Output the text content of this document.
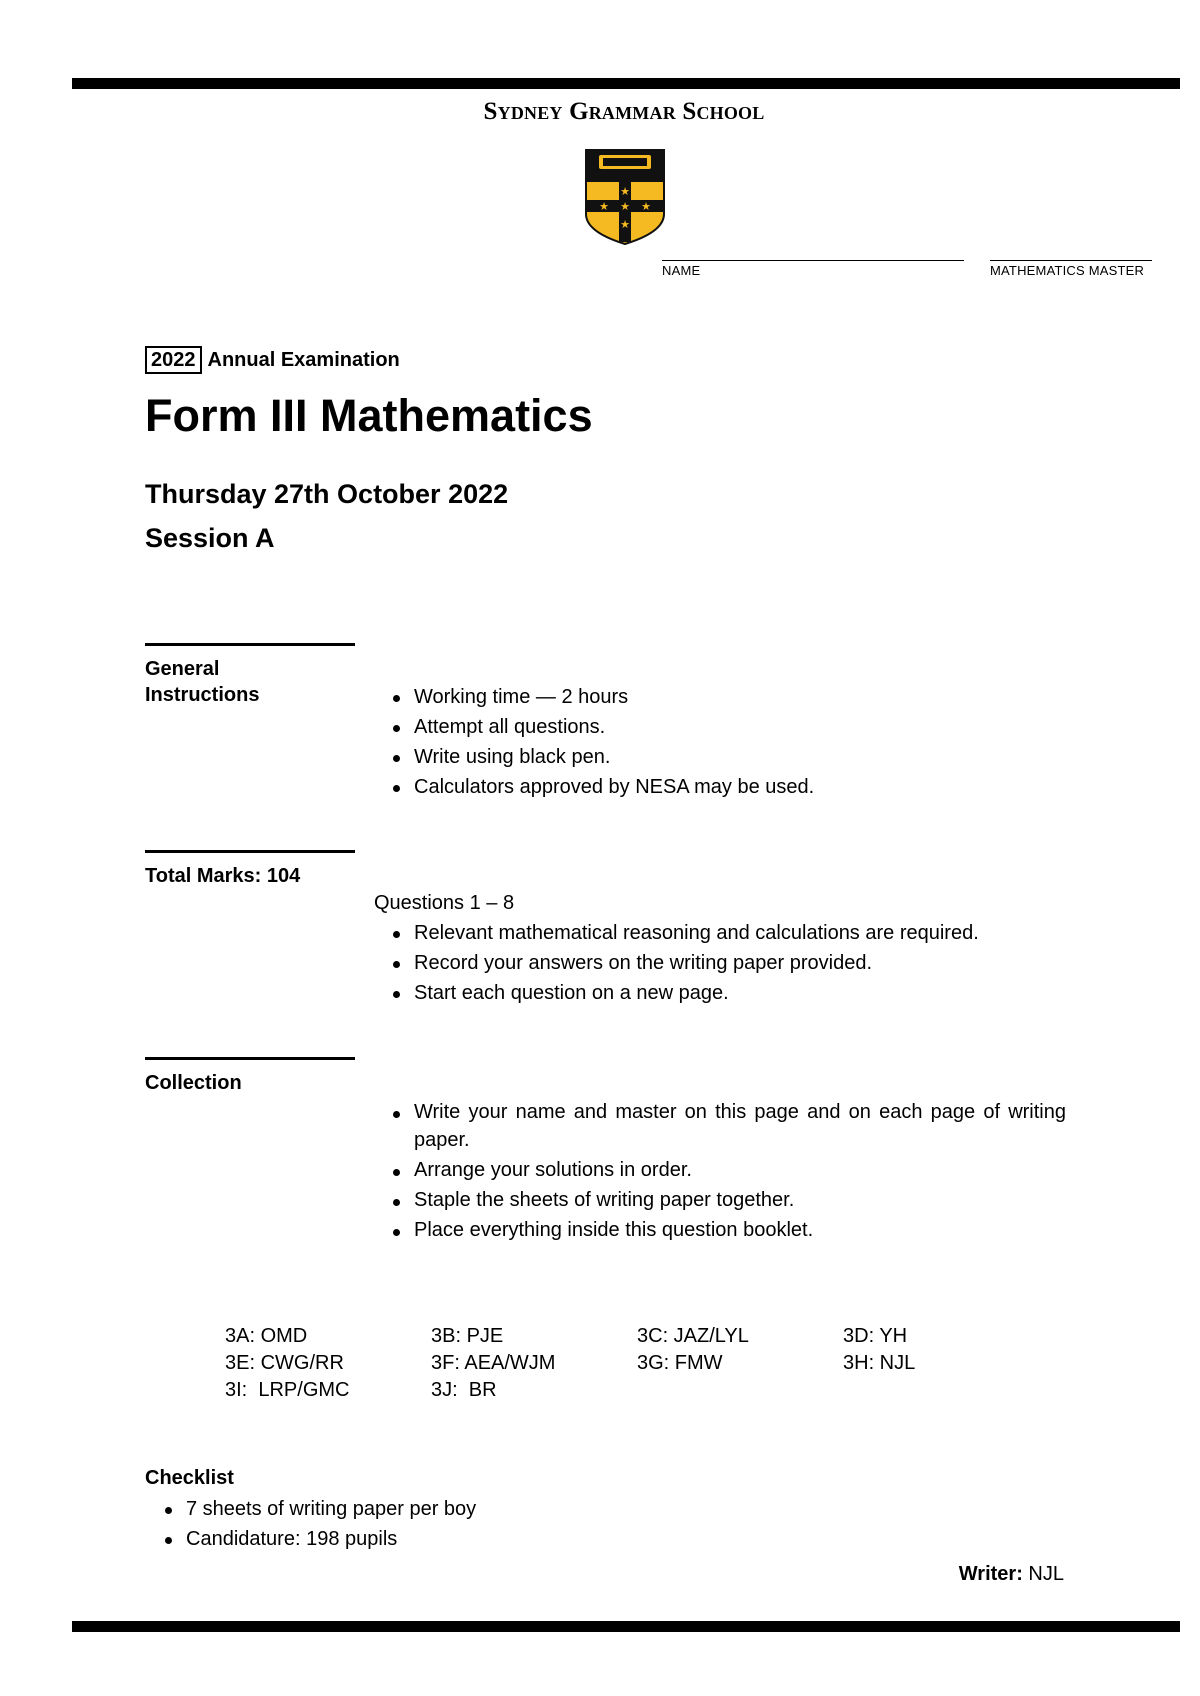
Sydney Grammar School
★
★ ★ ★
★
NAME	MATHEMATICS MASTER
2022 Annual Examination
Form III Mathematics
Thursday 27th October 2022
Session A
General
Instructions	Working time — 2 hours
Attempt all questions.
Write using black pen.
Calculators approved by NESA may be used.
Total Marks: 104
Questions 1 – 8
Relevant mathematical reasoning and calculations are required.
Record your answers on the writing paper provided.
Start each question on a new page.
Collection
Write your name and master on this page and on each page of writing paper.
Arrange your solutions in order.
Staple the sheets of writing paper together.
Place everything inside this question booklet.
3A: OMD	3B: PJE	3C: JAZ/LYL	3D: YH
3E: CWG/RR	3F: AEA/WJM	3G: FMW	3H: NJL
3I:  LRP/GMC	3J:  BR
Checklist
7 sheets of writing paper per boy
Candidature: 198 pupils
Writer: NJL
